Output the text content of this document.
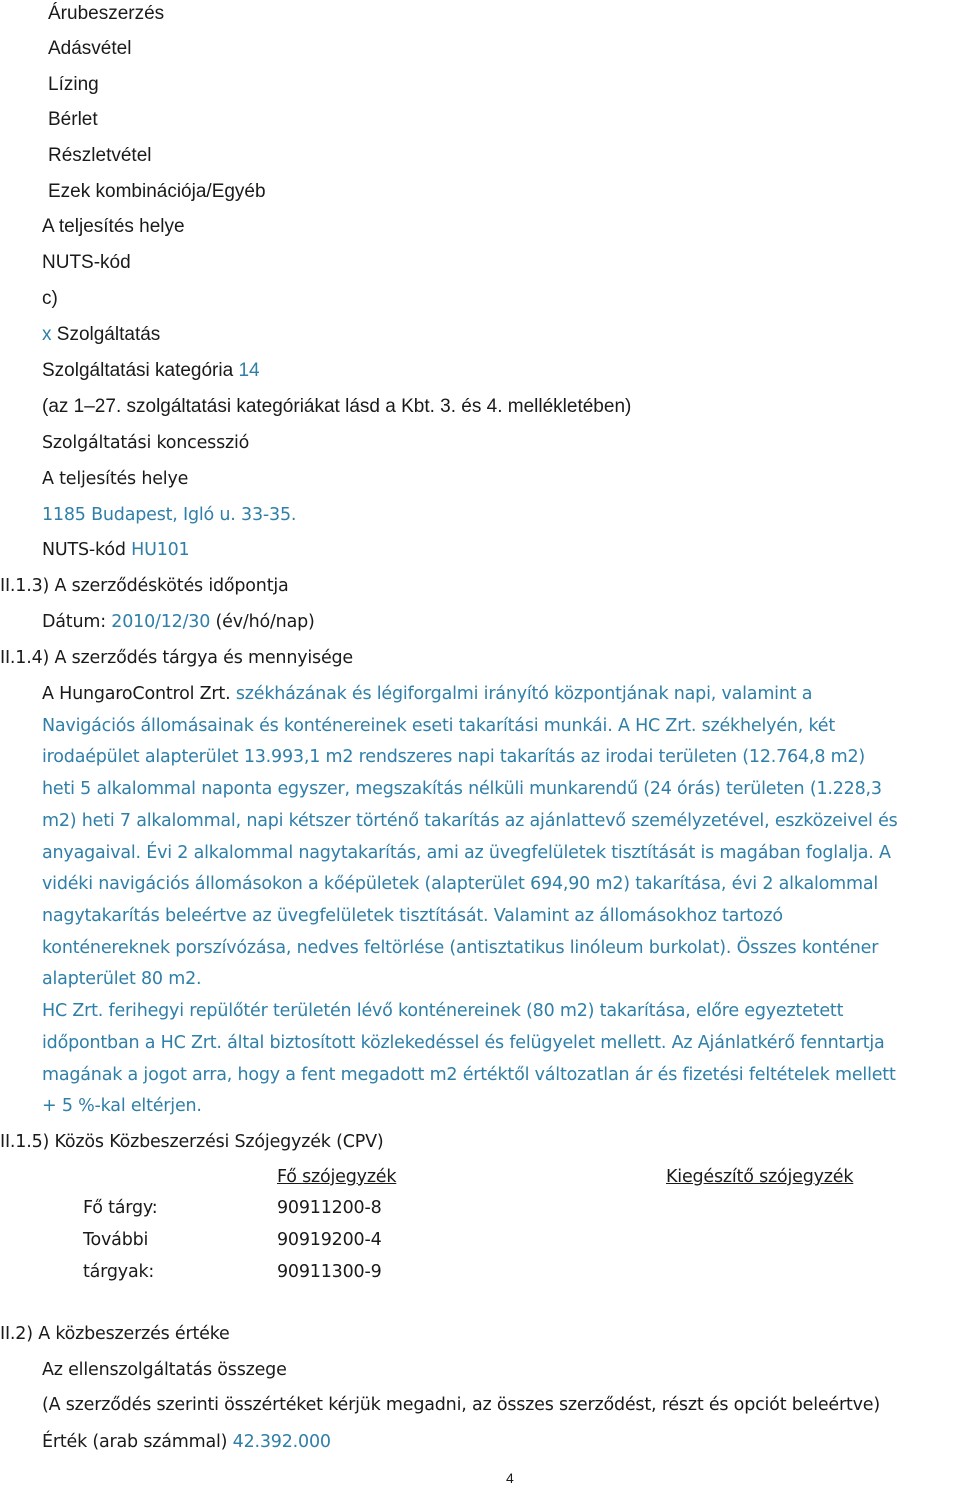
Árubeszerzés
Adásvétel
Lízing
Bérlet
Részletvétel
Ezek kombinációja/Egyéb
A teljesítés helye
NUTS-kód
c)
x Szolgáltatás
Szolgáltatási kategória 14
(az 1–27. szolgáltatási kategóriákat lásd a Kbt. 3. és 4. mellékletében)
Szolgáltatási koncesszió
A teljesítés helye
1185 Budapest, Igló u. 33-35.
NUTS-kód HU101
II.1.3) A szerződéskötés időpontja
Dátum: 2010/12/30 (év/hó/nap)
II.1.4) A szerződés tárgya és mennyisége
A HungaroControl Zrt. székházának és légiforgalmi irányító központjának napi, valamint a
Navigációs állomásainak és konténereinek eseti takarítási munkái. A HC Zrt. székhelyén, két
irodaépület alapterület 13.993,1 m2 rendszeres napi takarítás az irodai területen (12.764,8 m2)
heti 5 alkalommal naponta egyszer, megszakítás nélküli munkarendű (24 órás) területen (1.228,3
m2) heti 7 alkalommal, napi kétszer történő takarítás az ajánlattevő személyzetével, eszközeivel és
anyagaival. Évi 2 alkalommal nagytakarítás, ami az üvegfelületek tisztítását is magában foglalja. A
vidéki navigációs állomásokon a kőépületek (alapterület 694,90 m2) takarítása, évi 2 alkalommal
nagytakarítás beleértve az üvegfelületek tisztítását. Valamint az állomásokhoz tartozó
konténereknek porszívózása, nedves feltörlése (antisztatikus linóleum burkolat). Összes konténer
alapterület 80 m2.
HC Zrt. ferihegyi repülőtér területén lévő konténereinek (80 m2) takarítása, előre egyeztetett
időpontban a HC Zrt. által biztosított közlekedéssel és felügyelet mellett. Az Ajánlatkérő fenntartja
magának a jogot arra, hogy a fent megadott m2 értéktől változatlan ár és fizetési feltételek mellett
+ 5 %-kal eltérjen.
II.1.5) Közös Közbeszerzési Szójegyzék (CPV)
Fő szójegyzék	Kiegészítő szójegyzék
Fő tárgy:	90911200-8
További	90919200-4
tárgyak:	90911300-9
II.2) A közbeszerzés értéke
Az ellenszolgáltatás összege
(A szerződés szerinti összértéket kérjük megadni, az összes szerződést, részt és opciót beleértve)
Érték (arab számmal) 42.392.000
4
